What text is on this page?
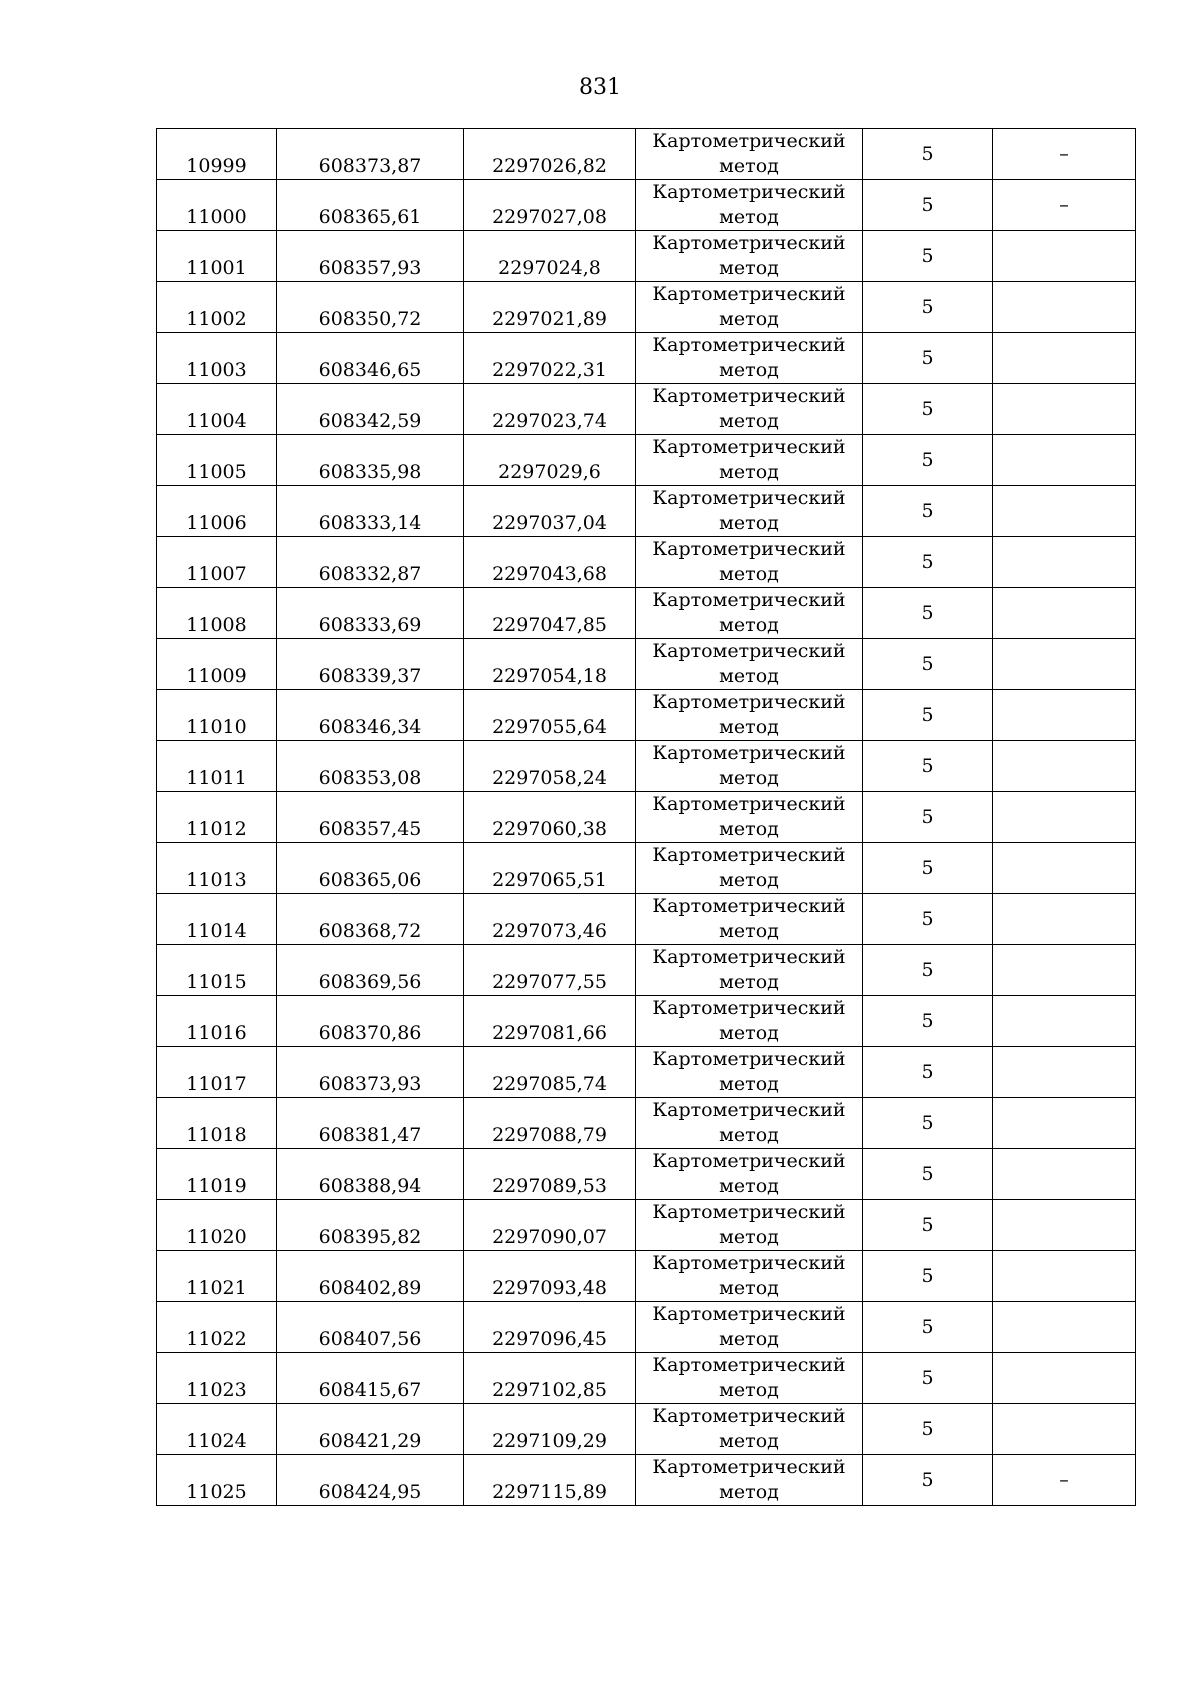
831
10999	608373,87	2297026,82	Картометрический метод	5	–
11000	608365,61	2297027,08	Картометрический метод	5	–
11001	608357,93	2297024,8	Картометрический метод	5	
11002	608350,72	2297021,89	Картометрический метод	5	
11003	608346,65	2297022,31	Картометрический метод	5	
11004	608342,59	2297023,74	Картометрический метод	5	
11005	608335,98	2297029,6	Картометрический метод	5	
11006	608333,14	2297037,04	Картометрический метод	5	
11007	608332,87	2297043,68	Картометрический метод	5	
11008	608333,69	2297047,85	Картометрический метод	5	
11009	608339,37	2297054,18	Картометрический метод	5	
11010	608346,34	2297055,64	Картометрический метод	5	
11011	608353,08	2297058,24	Картометрический метод	5	
11012	608357,45	2297060,38	Картометрический метод	5	
11013	608365,06	2297065,51	Картометрический метод	5	
11014	608368,72	2297073,46	Картометрический метод	5	
11015	608369,56	2297077,55	Картометрический метод	5	
11016	608370,86	2297081,66	Картометрический метод	5	
11017	608373,93	2297085,74	Картометрический метод	5	
11018	608381,47	2297088,79	Картометрический метод	5	
11019	608388,94	2297089,53	Картометрический метод	5	
11020	608395,82	2297090,07	Картометрический метод	5	
11021	608402,89	2297093,48	Картометрический метод	5	
11022	608407,56	2297096,45	Картометрический метод	5	
11023	608415,67	2297102,85	Картометрический метод	5	
11024	608421,29	2297109,29	Картометрический метод	5	
11025	608424,95	2297115,89	Картометрический метод	5	–
